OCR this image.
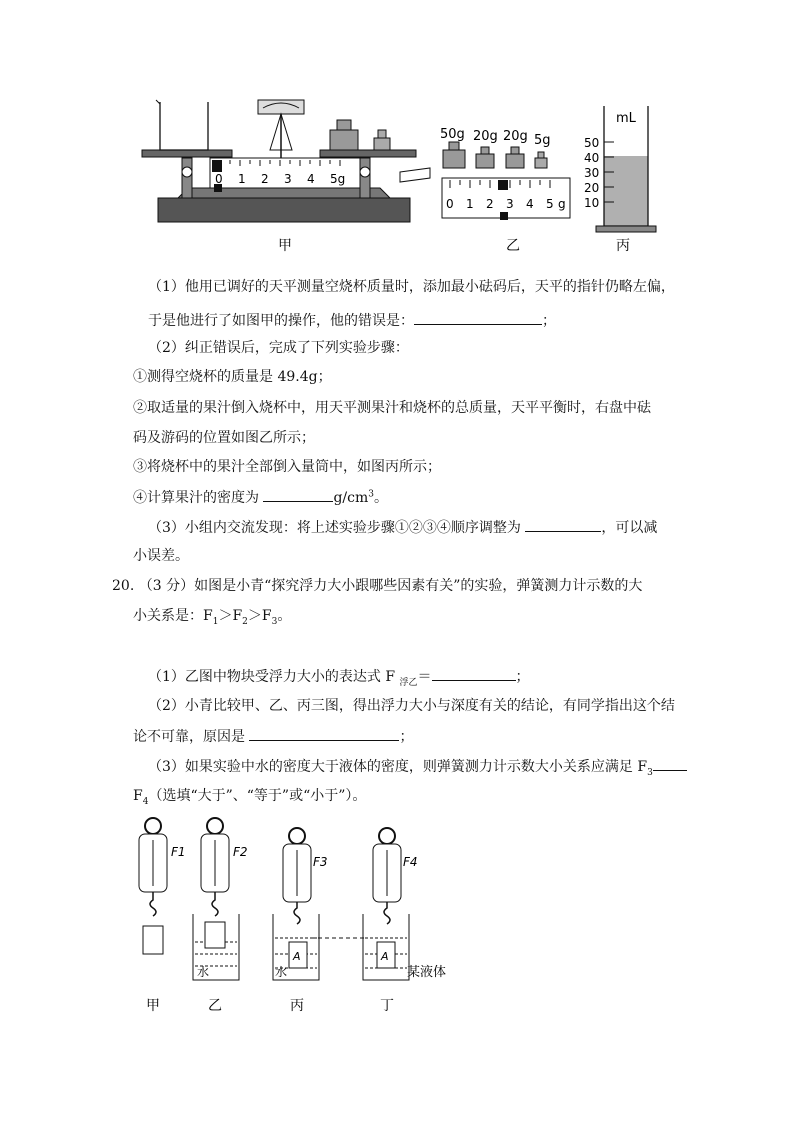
0 1 2 3 4 5g
50g 20g 20g 5g
0 1 2 3 4 5 g
mL
50
40
30
20
10
甲	乙	丙
（1）他用已调好的天平测量空烧杯质量时，添加最小砝码后，天平的指针仍略左偏，
于是他进行了如图甲的操作，他的错误是：	；
（2）纠正错误后，完成了下列实验步骤：
①测得空烧杯的质量是 49.4g；
②取适量的果汁倒入烧杯中，用天平测果汁和烧杯的总质量，天平平衡时，右盘中砝
码及游码的位置如图乙所示；
③将烧杯中的果汁全部倒入量筒中，如图丙所示；
④计算果汁的密度为	$g/cm^3$。
（3）小组内交流发现：将上述实验步骤①②③④顺序调整为	，可以减
小误差。
20. （3 分）如图是小青“探究浮力大小跟哪些因素有关”的实验，弹簧测力计示数的大
小关系是：$F_1>F_2>F_3$。
（1）乙图中物块受浮力大小的表达式 F $_{浮乙}$＝	；
（2）小青比较甲、乙、丙三图，得出浮力大小与深度有关的结论，有同学指出这个结
论不可靠，原因是	；
（3）如果实验中水的密度大于液体的密度，则弹簧测力计示数大小关系应满足 $F_3$
$F_4$（选填“大于”、“等于”或“小于”）。
F1	F2
F3	F4
A	A
水	水	某液体
甲	乙	丙	丁
